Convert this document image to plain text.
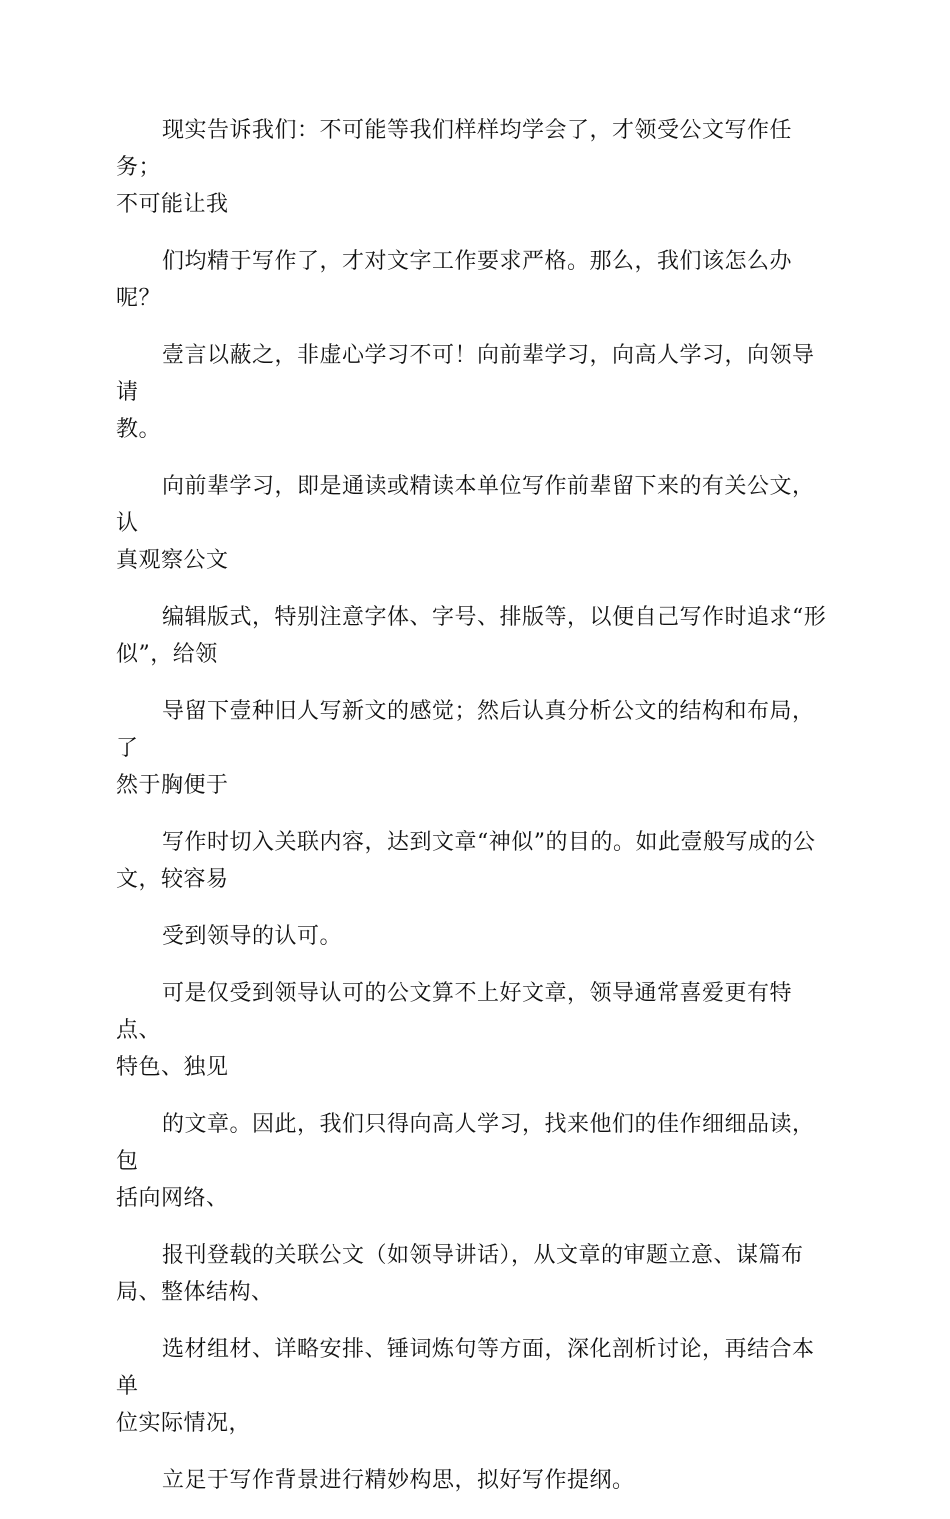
现实告诉我们：不可能等我们样样均学会了，才领受公文写作任务；
不可能让我

们均精于写作了，才对文字工作要求严格。那么，我们该怎么办呢？

壹言以蔽之，非虚心学习不可！向前辈学习，向高人学习，向领导请
教。

向前辈学习，即是通读或精读本单位写作前辈留下来的有关公文，认
真观察公文

编辑版式，特别注意字体、字号、排版等，以便自己写作时追求“形
似”，给领

导留下壹种旧人写新文的感觉；然后认真分析公文的结构和布局，了
然于胸便于

写作时切入关联内容，达到文章“神似”的目的。如此壹般写成的公
文，较容易

受到领导的认可。

可是仅受到领导认可的公文算不上好文章，领导通常喜爱更有特点、
特色、独见

的文章。因此，我们只得向高人学习，找来他们的佳作细细品读，包
括向网络、

报刊登载的关联公文（如领导讲话），从文章的审题立意、谋篇布
局、整体结构、

选材组材、详略安排、锤词炼句等方面，深化剖析讨论，再结合本单
位实际情况，

立足于写作背景进行精妙构思，拟好写作提纲。
